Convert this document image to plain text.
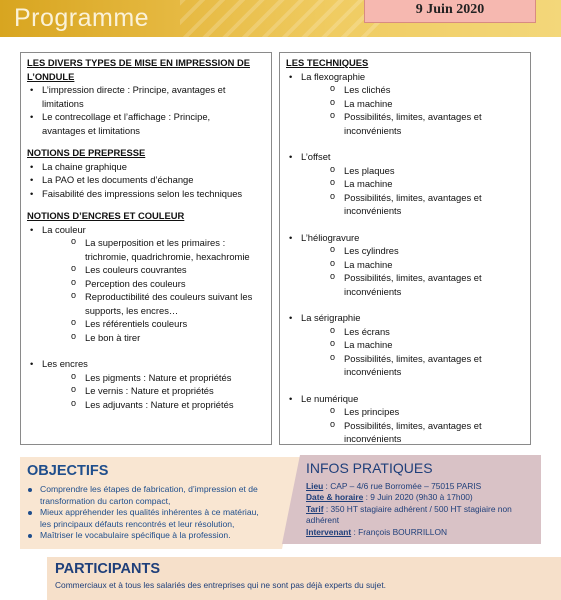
Programme	9 Juin 2020
LES DIVERS TYPES DE MISE EN IMPRESSION DE
L’ONDULE
• L’impression directe : Principe, avantages et
limitations
• Le contrecollage et l’affichage : Principe,
avantages et limitations
NOTIONS DE PREPRESSE
• La chaine graphique
• La PAO et les documents d’échange
• Faisabilité des impressions selon les techniques
NOTIONS D’ENCRES ET COULEUR
• La couleur
o La superposition et les primaires :
trichromie, quadrichromie, hexachromie
o Les couleurs couvrantes
o Perception des couleurs
o Reproductibilité des couleurs suivant les
supports, les encres…
o Les référentiels couleurs
o Le bon à tirer
• Les encres
o Les pigments : Nature et propriétés
o Le vernis : Nature et propriétés
o Les adjuvants : Nature et propriétés
LES TECHNIQUES
• La flexographie
o Les clichés
o La machine
o Possibilités, limites, avantages et
inconvénients
• L’offset
o Les plaques
o La machine
o Possibilités, limites, avantages et
inconvénients
• L’héliogravure
o Les cylindres
o La machine
o Possibilités, limites, avantages et
inconvénients
• La sérigraphie
o Les écrans
o La machine
o Possibilités, limites, avantages et
inconvénients
• Le numérique
o Les principes
o Possibilités, limites, avantages et
inconvénients
OBJECTIFS
Comprendre les étapes de fabrication, d’impression et de
transformation du carton compact,
Mieux appréhender les qualités inhérentes à ce matériau,
les principaux défauts rencontrés et leur résolution,
Maîtriser le vocabulaire spécifique à la profession.
INFOS PRATIQUES
Lieu : CAP – 4/6 rue Borromée – 75015 PARIS
Date & horaire : 9 Juin 2020 (9h30 à 17h00)
Tarif : 350 HT stagiaire adhérent / 500 HT stagiaire non
adhérent
Intervenant : François BOURRILLON
PARTICIPANTS
Commerciaux et à tous les salariés des entreprises qui ne sont pas déjà experts du sujet.
